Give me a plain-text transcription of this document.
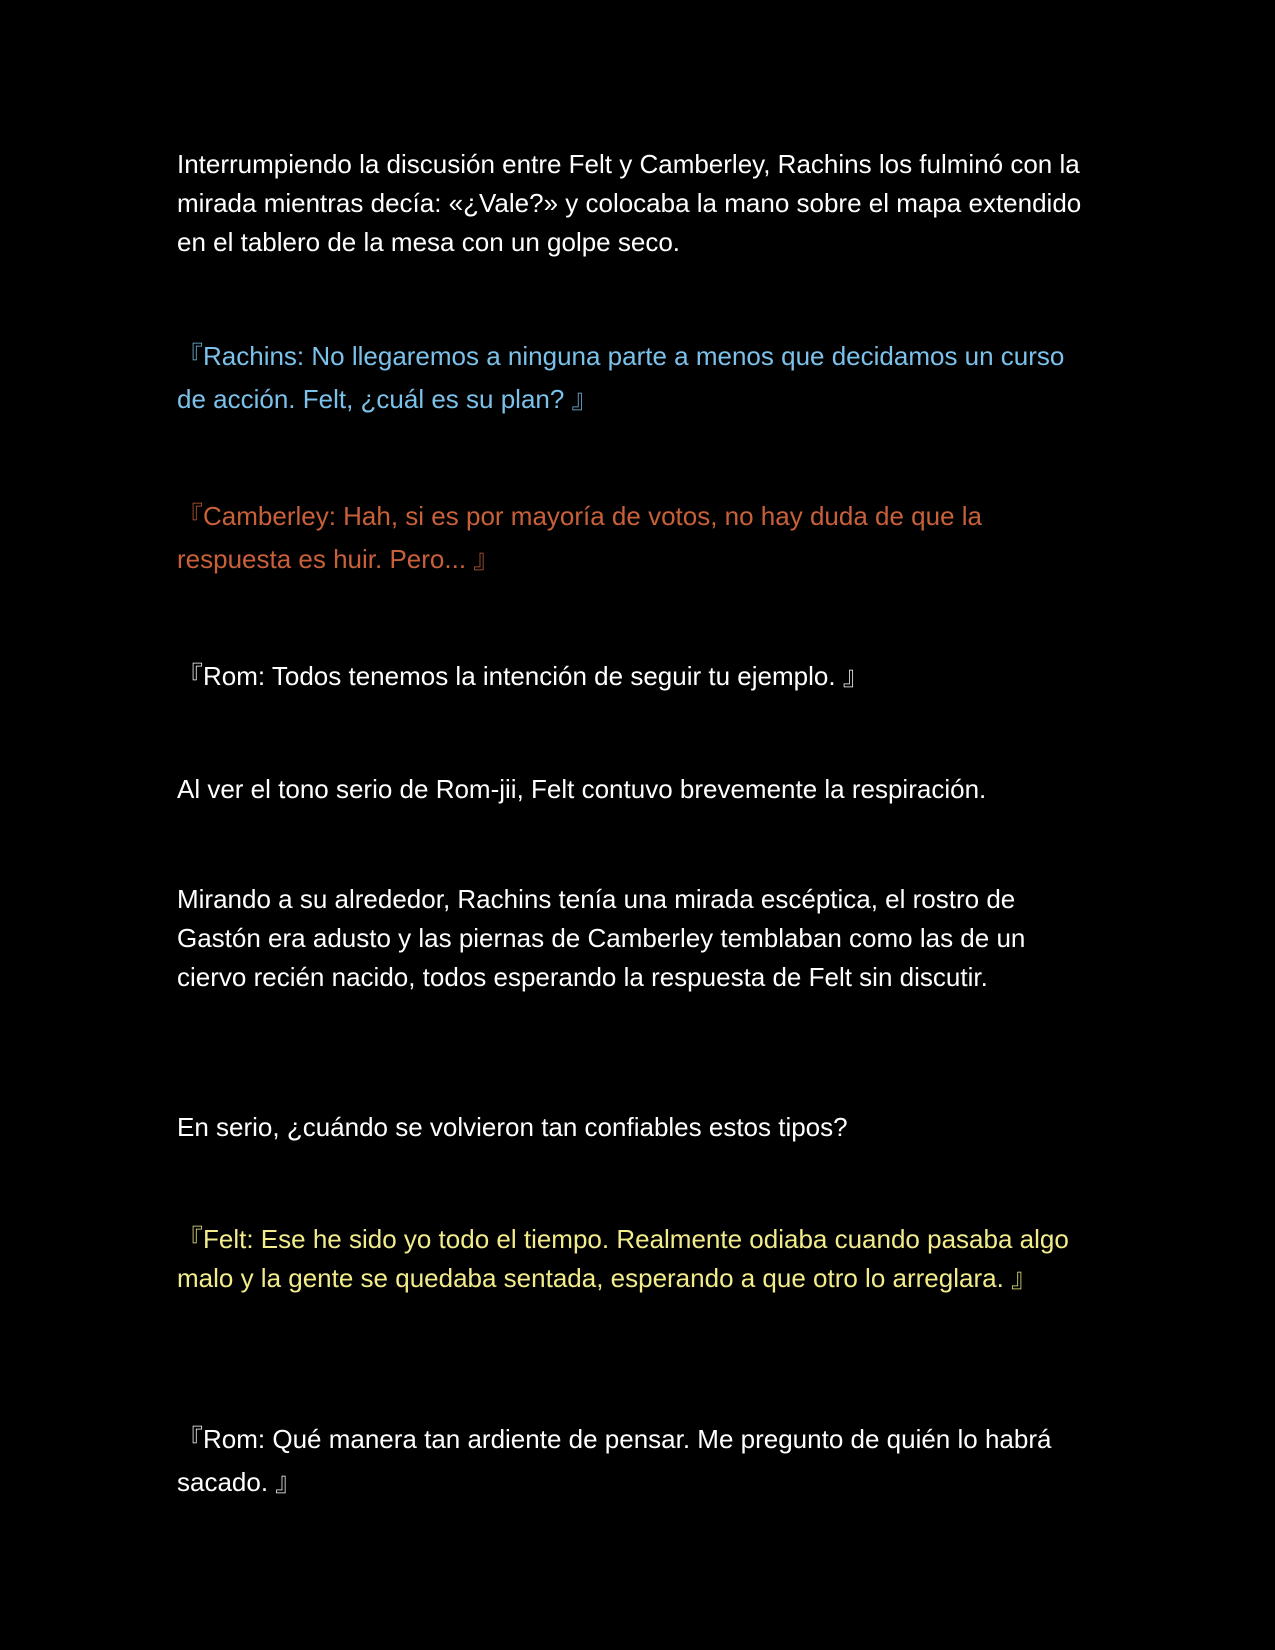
Interrumpiendo la discusión entre Felt y Camberley, Rachins los fulminó con la mirada mientras decía: «¿Vale?» y colocaba la mano sobre el mapa extendido en el tablero de la mesa con un golpe seco.

『Rachins: No llegaremos a ninguna parte a menos que decidamos un curso de acción. Felt, ¿cuál es su plan? 』

『Camberley: Hah, si es por mayoría de votos, no hay duda de que la respuesta es huir. Pero... 』

『Rom: Todos tenemos la intención de seguir tu ejemplo. 』

Al ver el tono serio de Rom-jii, Felt contuvo brevemente la respiración.

Mirando a su alrededor, Rachins tenía una mirada escéptica, el rostro de Gastón era adusto y las piernas de Camberley temblaban como las de un ciervo recién nacido, todos esperando la respuesta de Felt sin discutir.

En serio, ¿cuándo se volvieron tan confiables estos tipos?

『Felt: Ese he sido yo todo el tiempo. Realmente odiaba cuando pasaba algo malo y la gente se quedaba sentada, esperando a que otro lo arreglara. 』

『Rom: Qué manera tan ardiente de pensar. Me pregunto de quién lo habrá sacado. 』
